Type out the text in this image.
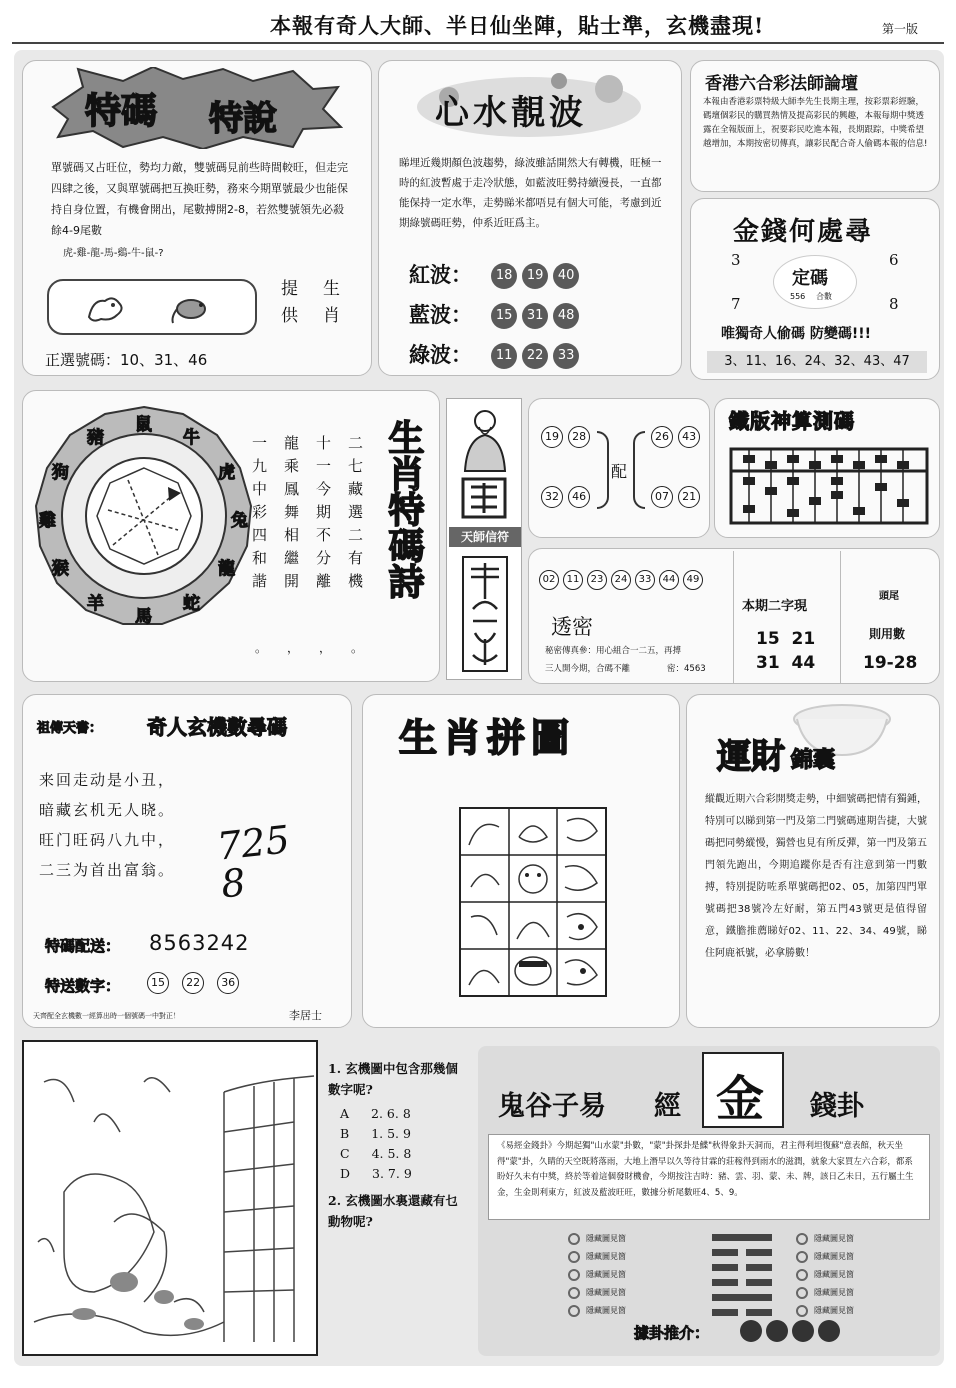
本報有奇人大師、半日仙坐陣，貼士準，玄機盡現!	第一版
特碼 特說
單號碼又占旺位，勢均力敵，雙號碼見前些時間較旺，但走完四肆之後，又與單號碼把互換旺勢，務來今期單號最少也能保持自身位置，有機會開出，尾數搏開2-8，若然雙號領先必殺餘4-9尾數
虎-雞-龍-馬-鷄-牛-鼠-?
提供 生肖
正選號碼：10、31、46
心水靚波
睇埋近幾期顏色波趨勢，綠波雖話開然大有轉機，旺極一時的紅波暫處于走冷狀態，如藍波旺勢持續漫長，一直都能保持一定水準，走勢睇米都唔見有個大可能，考慮到近期綠號碼旺勢，仲系近旺爲主。
紅波： 18 19 40
藍波： 15 31 48
綠波： 11 22 33
香港六合彩法師論壇
本報由香港彩票特級大師李先生長期主理，按彩票彩經驗，碼壇個彩民的購買熱情及提高彩民的興趣，本報每期中獎透露在全報版面上，祝要彩民吃進本報，長期跟踪，中獎希望越增加，本期按密切傳真，讓彩民配合奇人偷碼本報的信息!
金錢何處尋
3	6
7	8
定碼
556 合數
唯獨奇人偷碼 防變碼!!!
3、11、16、24、32、43、47
鼠
牛
虎
兔
龍
蛇
馬
羊
猴
雞
狗
豬	二七藏選二有機
十一今期不分離
龍乘鳳舞相繼開
一九中彩四和諧
。
，
，
。
生肖特碼詩	天師信符
19 28
32 46
配
26 43
07 21
鐵版神算測碼
02 11 23 24 33 44 49
透密
秘密傳真參：用心組合一二五，再搏
三人開今期，合碼不離	密：4563
本期二字現
15  21
31  44
頭尾
則用數
19-28
祖傳天書： 奇人玄機數尋碼
来回走动是小丑，
暗藏玄机无人晓。
旺门旺码八九中，
二三为首出富翁。
725 8
特碼配送： 8563242
特送數字：	15 22 36
天齊配全玄機數一經算出時一個號碼一中對正！	李居士
生肖拼圖	運財 錦囊
縱觀近期六合彩開獎走勢，中細號碼把情有獨鍾，特別可以睇到第一門及第二門號碼連期告捷，大號碼把同勢縱慢，獨營也見有所反彈，第一門及第五門領先跑出，今期追蹤你是否有注意到第一門數搏，特別提防咗系單號碼把02、05，加第四門單號碼把38號冷左好耐，第五門43號更是值得留意，鐵膽推薦睇好02、11、22、34、49號，睇住阿鹿祇號，必拿勝數！
1. 玄機圖中包含那幾個數字呢?
A 2. 6. 8
B 1. 5. 9
C 4. 5. 8
D 3. 7. 9
2. 玄機圖水裏還藏有乜動物呢?
鬼谷子易 經 金 錢卦
《易經金錢卦》今期起獨"山水蒙"卦數，"蒙"卦探卦是鰈"秋得象卦天洞而，君主得利坦復蘇"意表館，秋天坐得"蒙"卦，久睛的天空既將落雨，大地上潛早以久等待甘霖的莊稼得到雨水的滋潤，就象大家買左六合彩，都系盼好久未有中獎，終於等着這個發財機會，今期按注吉時：豬、雲、羽、蒙、未、牌，該日乙未日，五行屬土生金，生金則利東方，紅波及藍波旺旺，數據分析尾數旺4、5、9。
隱藏圖見箇
隱藏圖見箇
隱藏圖見箇
隱藏圖見箇
隱藏圖見箇
隱藏圖見箇
隱藏圖見箇
隱藏圖見箇
隱藏圖見箇
隱藏圖見箇
據卦推介：
